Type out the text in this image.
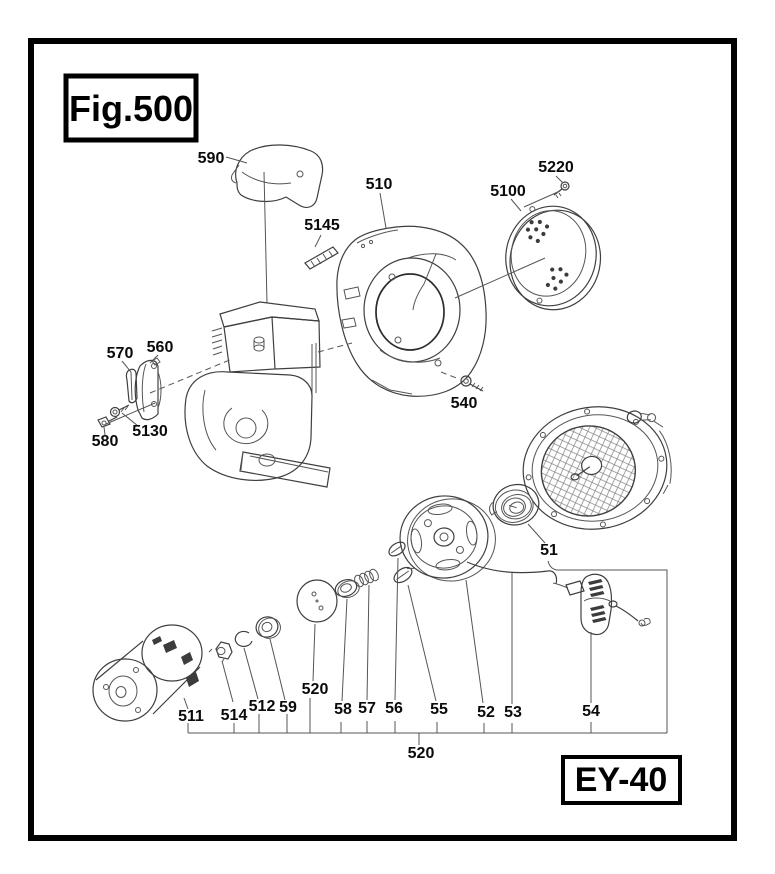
Fig.500
EY-40
590
510
5145
5100
5220
570 560
5130
580
540
51
511 514
512 59
520
58 57 56 55 52 53	54
520
